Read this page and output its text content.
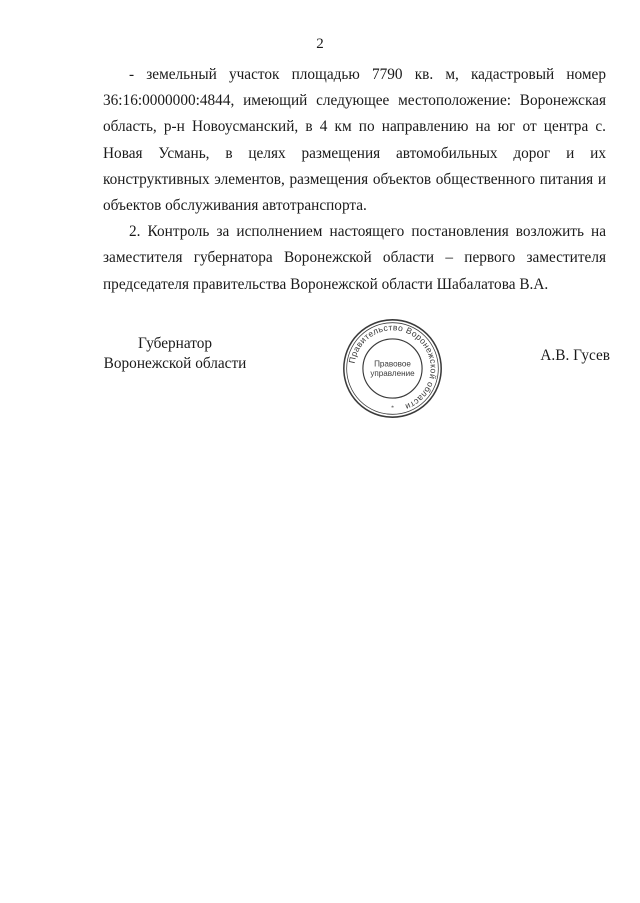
2

- земельный участок площадью 7790 кв. м, кадастровый номер 36:16:0000000:4844, имеющий следующее местоположение: Воронежская область, р-н Новоусманский, в 4 км по направлению на юг от центра с. Новая Усмань, в целях размещения автомобильных дорог и их конструктивных элементов, размещения объектов общественного питания и объектов обслуживания автотранспорта.

2. Контроль за исполнением настоящего постановления возложить на заместителя губернатора Воронежской области – первого заместителя председателя правительства Воронежской области Шабалатова В.А.

Губернатор
Воронежской области	Правительство Воронежской области
Правовое
управление
*
А.В. Гусев
